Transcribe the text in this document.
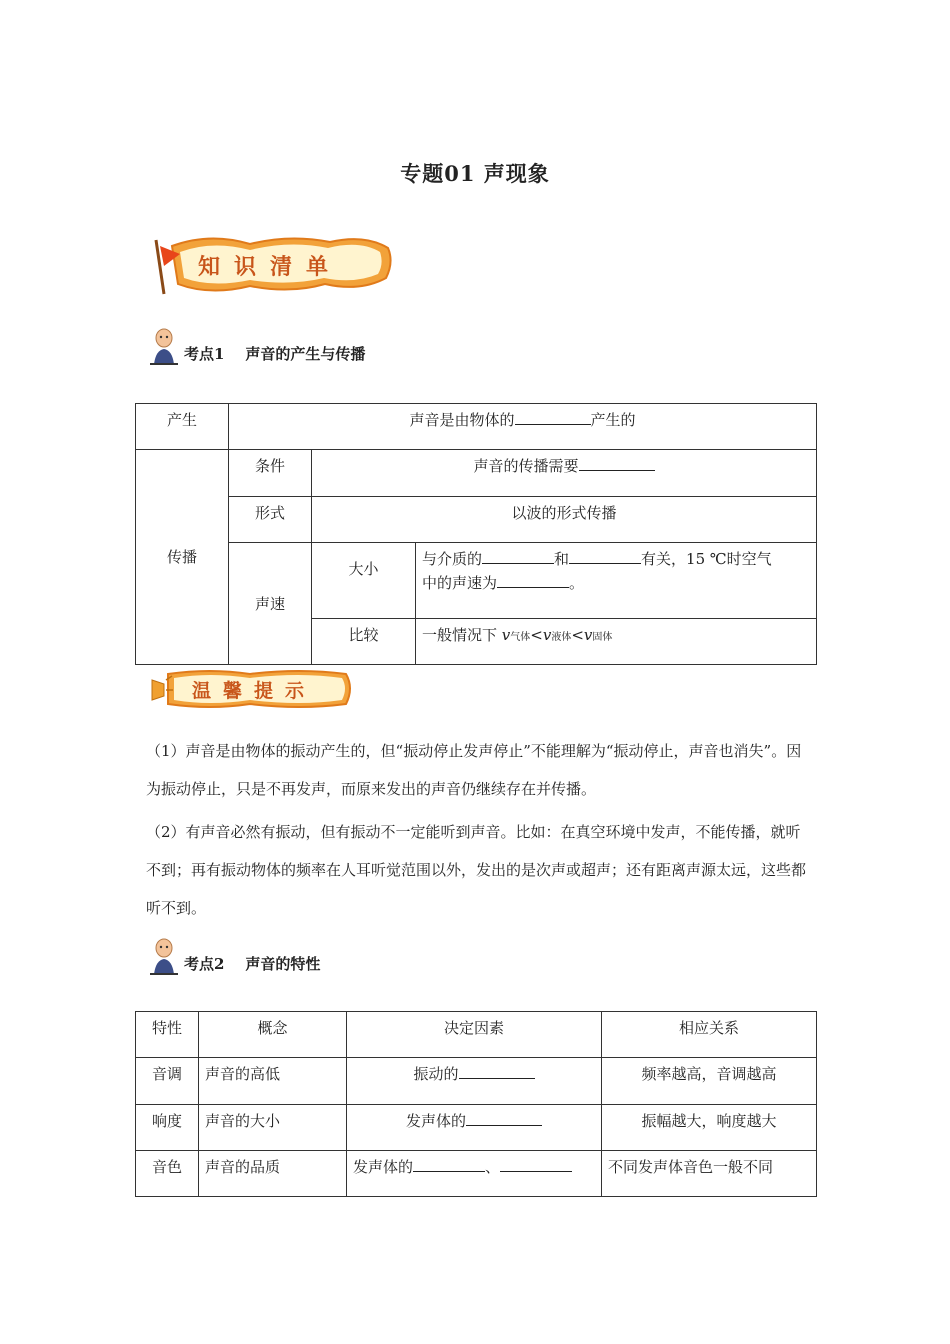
专题01 声现象
知识清单
考点1    声音的产生与传播
产生	声音是由物体的 产生的		
传播	条件	声音的传播需要	
	形式	以波的形式传播	
	声速	大小	与介质的 和 有关，15 ℃时空气
中的声速为 。
		比较	一般情况下 v气体<v液体<v固体
温馨提示

（1）声音是由物体的振动产生的，但“振动停止发声停止”不能理解为“振动停止，声音也消失”。因为振动停止，只是不再发声，而原来发出的声音仍继续存在并传播。

（2）有声音必然有振动，但有振动不一定能听到声音。比如：在真空环境中发声，不能传播，就听不到；再有振动物体的频率在人耳听觉范围以外，发出的是次声或超声；还有距离声源太远，这些都听不到。

考点2    声音的特性
特性	概念	决定因素	相应关系
音调	声音的高低	振动的	频率越高，音调越高
响度	声音的大小	发声体的	振幅越大，响度越大
音色	声音的品质	发声体的 、	不同发声体音色一般不同
